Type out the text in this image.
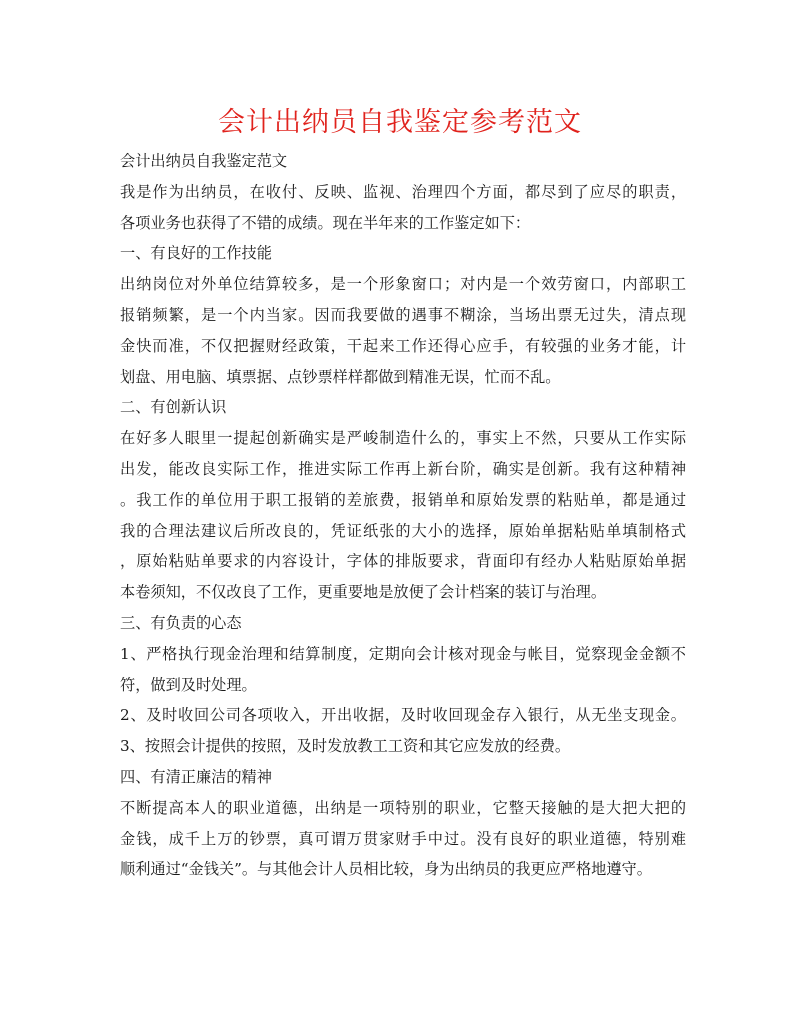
会计出纳员自我鉴定参考范文
会计出纳员自我鉴定范文
我是作为出纳员，在收付、反映、监视、治理四个方面，都尽到了应尽的职责，
各项业务也获得了不错的成绩。现在半年来的工作鉴定如下：
一、有良好的工作技能
出纳岗位对外单位结算较多，是一个形象窗口；对内是一个效劳窗口，内部职工
报销频繁，是一个内当家。因而我要做的遇事不糊涂，当场出票无过失，清点现
金快而准，不仅把握财经政策，干起来工作还得心应手，有较强的业务才能，计
划盘、用电脑、填票据、点钞票样样都做到精准无误，忙而不乱。
二、有创新认识
在好多人眼里一提起创新确实是严峻制造什么的，事实上不然，只要从工作实际
出发，能改良实际工作，推进实际工作再上新台阶，确实是创新。我有这种精神
。我工作的单位用于职工报销的差旅费，报销单和原始发票的粘贴单，都是通过
我的合理法建议后所改良的，凭证纸张的大小的选择，原始单据粘贴单填制格式
，原始粘贴单要求的内容设计，字体的排版要求，背面印有经办人粘贴原始单据
本卷须知，不仅改良了工作，更重要地是放便了会计档案的装订与治理。
三、有负责的心态
1、严格执行现金治理和结算制度，定期向会计核对现金与帐目，觉察现金金额不
符，做到及时处理。
2、及时收回公司各项收入，开出收据，及时收回现金存入银行，从无坐支现金。
3、按照会计提供的按照，及时发放教工工资和其它应发放的经费。
四、有清正廉洁的精神
不断提高本人的职业道德，出纳是一项特别的职业，它整天接触的是大把大把的
金钱，成千上万的钞票，真可谓万贯家财手中过。没有良好的职业道德，特别难
顺利通过“金钱关”。与其他会计人员相比较，身为出纳员的我更应严格地遵守。
